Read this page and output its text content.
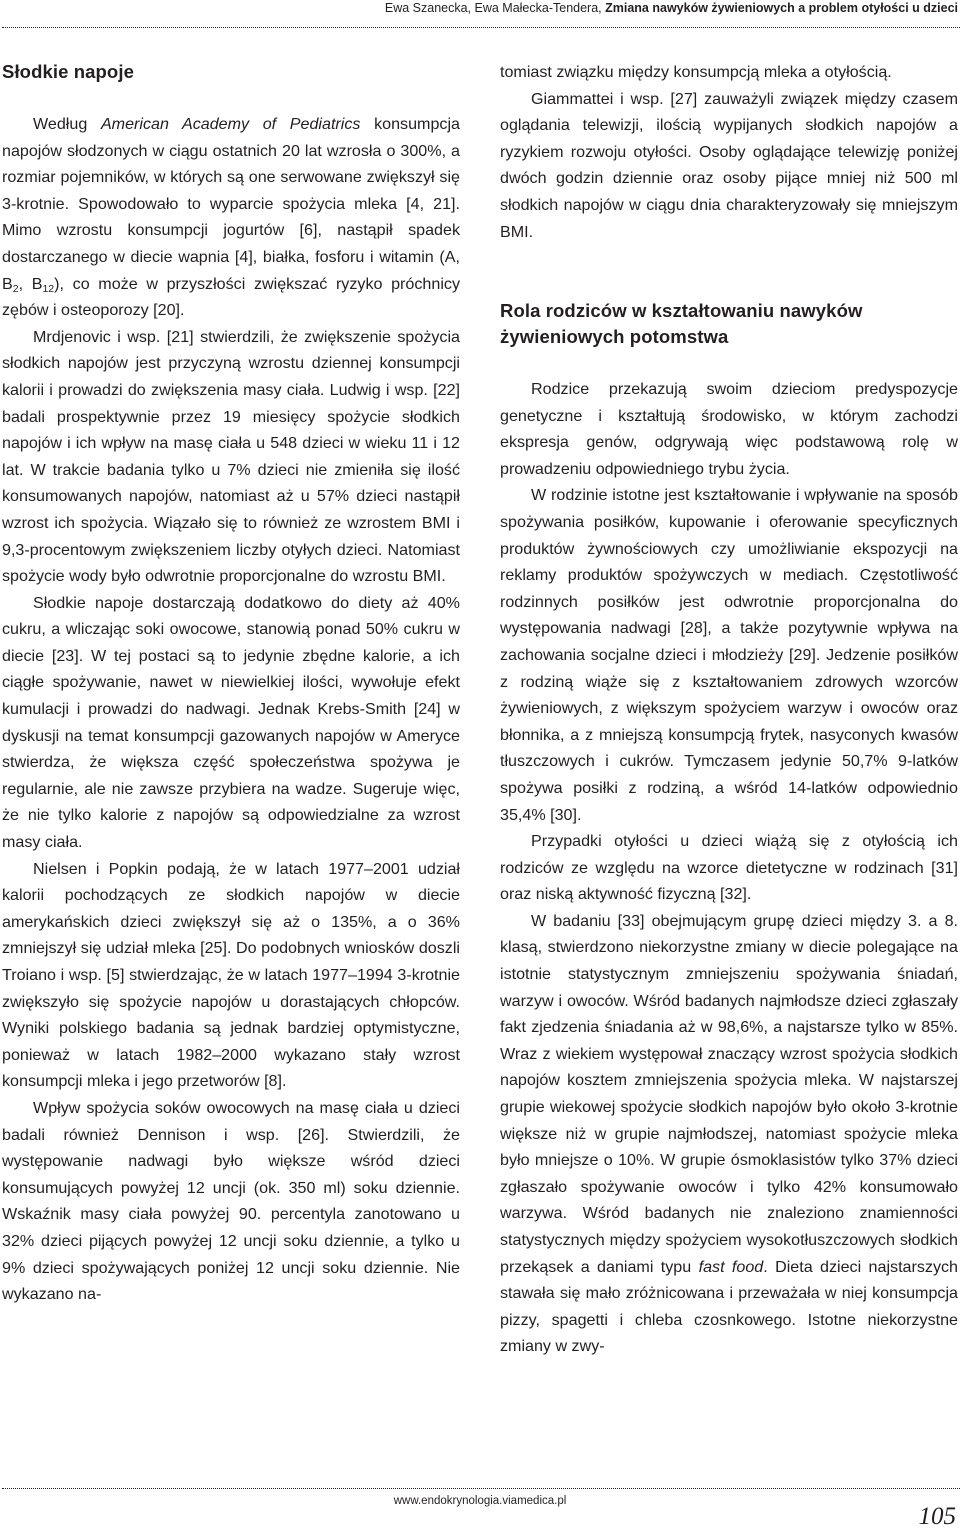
Ewa Szanecka, Ewa Małecka-Tendera, Zmiana nawyków żywieniowych a problem otyłości u dzieci
Słodkie napoje

Według American Academy of Pediatrics konsumpcja napojów słodzonych w ciągu ostatnich 20 lat wzrosła o 300%, a rozmiar pojemników, w których są one serwowane zwiększył się 3-krotnie. Spowodowało to wyparcie spożycia mleka [4, 21]. Mimo wzrostu konsumpcji jogurtów [6], nastąpił spadek dostarczanego w diecie wapnia [4], białka, fosforu i witamin (A, $B_2$, $B_{12}$), co może w przyszłości zwiększać ryzyko próchnicy zębów i osteoporozy [20].

Mrdjenovic i wsp. [21] stwierdzili, że zwiększenie spożycia słodkich napojów jest przyczyną wzrostu dziennej konsumpcji kalorii i prowadzi do zwiększenia masy ciała. Ludwig i wsp. [22] badali prospektywnie przez 19 miesięcy spożycie słodkich napojów i ich wpływ na masę ciała u 548 dzieci w wieku 11 i 12 lat. W trakcie badania tylko u 7% dzieci nie zmieniła się ilość konsumowanych napojów, natomiast aż u 57% dzieci nastąpił wzrost ich spożycia. Wiązało się to również ze wzrostem BMI i 9,3-procentowym zwiększeniem liczby otyłych dzieci. Natomiast spożycie wody było odwrotnie proporcjonalne do wzrostu BMI.

Słodkie napoje dostarczają dodatkowo do diety aż 40% cukru, a wliczając soki owocowe, stanowią ponad 50% cukru w diecie [23]. W tej postaci są to jedynie zbędne kalorie, a ich ciągłe spożywanie, nawet w niewielkiej ilości, wywołuje efekt kumulacji i prowadzi do nadwagi. Jednak Krebs-Smith [24] w dyskusji na temat konsumpcji gazowanych napojów w Ameryce stwierdza, że większa część społeczeństwa spożywa je regularnie, ale nie zawsze przybiera na wadze. Sugeruje więc, że nie tylko kalorie z napojów są odpowiedzialne za wzrost masy ciała.

Nielsen i Popkin podają, że w latach 1977–2001 udział kalorii pochodzących ze słodkich napojów w diecie amerykańskich dzieci zwiększył się aż o 135%, a o 36% zmniejszył się udział mleka [25]. Do podobnych wniosków doszli Troiano i wsp. [5] stwierdzając, że w latach 1977–1994 3-krotnie zwiększyło się spożycie napojów u dorastających chłopców. Wyniki polskiego badania są jednak bardziej optymistyczne, ponieważ w latach 1982–2000 wykazano stały wzrost konsumpcji mleka i jego przetworów [8].

Wpływ spożycia soków owocowych na masę ciała u dzieci badali również Dennison i wsp. [26]. Stwierdzili, że występowanie nadwagi było większe wśród dzieci konsumujących powyżej 12 uncji (ok. 350 ml) soku dziennie. Wskaźnik masy ciała powyżej 90. percentyla zanotowano u 32% dzieci pijących powyżej 12 uncji soku dziennie, a tylko u 9% dzieci spożywających poniżej 12 uncji soku dziennie. Nie wykazano na-

tomiast związku między konsumpcją mleka a otyłością.

Giammattei i wsp. [27] zauważyli związek między czasem oglądania telewizji, ilością wypijanych słodkich napojów a ryzykiem rozwoju otyłości. Osoby oglądające telewizję poniżej dwóch godzin dziennie oraz osoby pijące mniej niż 500 ml słodkich napojów w ciągu dnia charakteryzowały się mniejszym BMI.

Rola rodziców w kształtowaniu nawyków żywieniowych potomstwa

Rodzice przekazują swoim dzieciom predyspozycje genetyczne i kształtują środowisko, w którym zachodzi ekspresja genów, odgrywają więc podstawową rolę w prowadzeniu odpowiedniego trybu życia.

W rodzinie istotne jest kształtowanie i wpływanie na sposób spożywania posiłków, kupowanie i oferowanie specyficznych produktów żywnościowych czy umożliwianie ekspozycji na reklamy produktów spożywczych w mediach. Częstotliwość rodzinnych posiłków jest odwrotnie proporcjonalna do występowania nadwagi [28], a także pozytywnie wpływa na zachowania socjalne dzieci i młodzieży [29]. Jedzenie posiłków z rodziną wiąże się z kształtowaniem zdrowych wzorców żywieniowych, z większym spożyciem warzyw i owoców oraz błonnika, a z mniejszą konsumpcją frytek, nasyconych kwasów tłuszczowych i cukrów. Tymczasem jedynie 50,7% 9-latków spożywa posiłki z rodziną, a wśród 14-latków odpowiednio 35,4% [30].

Przypadki otyłości u dzieci wiążą się z otyłością ich rodziców ze względu na wzorce dietetyczne w rodzinach [31] oraz niską aktywność fizyczną [32].

W badaniu [33] obejmującym grupę dzieci między 3. a 8. klasą, stwierdzono niekorzystne zmiany w diecie polegające na istotnie statystycznym zmniejszeniu spożywania śniadań, warzyw i owoców. Wśród badanych najmłodsze dzieci zgłaszały fakt zjedzenia śniadania aż w 98,6%, a najstarsze tylko w 85%. Wraz z wiekiem występował znaczący wzrost spożycia słodkich napojów kosztem zmniejszenia spożycia mleka. W najstarszej grupie wiekowej spożycie słodkich napojów było około 3-krotnie większe niż w grupie najmłodszej, natomiast spożycie mleka było mniejsze o 10%. W grupie ósmoklasistów tylko 37% dzieci zgłaszało spożywanie owoców i tylko 42% konsumowało warzywa. Wśród badanych nie znaleziono znamienności statystycznych między spożyciem wysokotłuszczowych słodkich przekąsek a daniami typu fast food. Dieta dzieci najstarszych stawała się mało zróżnicowana i przeważała w niej konsumpcja pizzy, spagetti i chleba czosnkowego. Istotne niekorzystne zmiany w zwy-

www.endokrynologia.viamedica.pl
105
